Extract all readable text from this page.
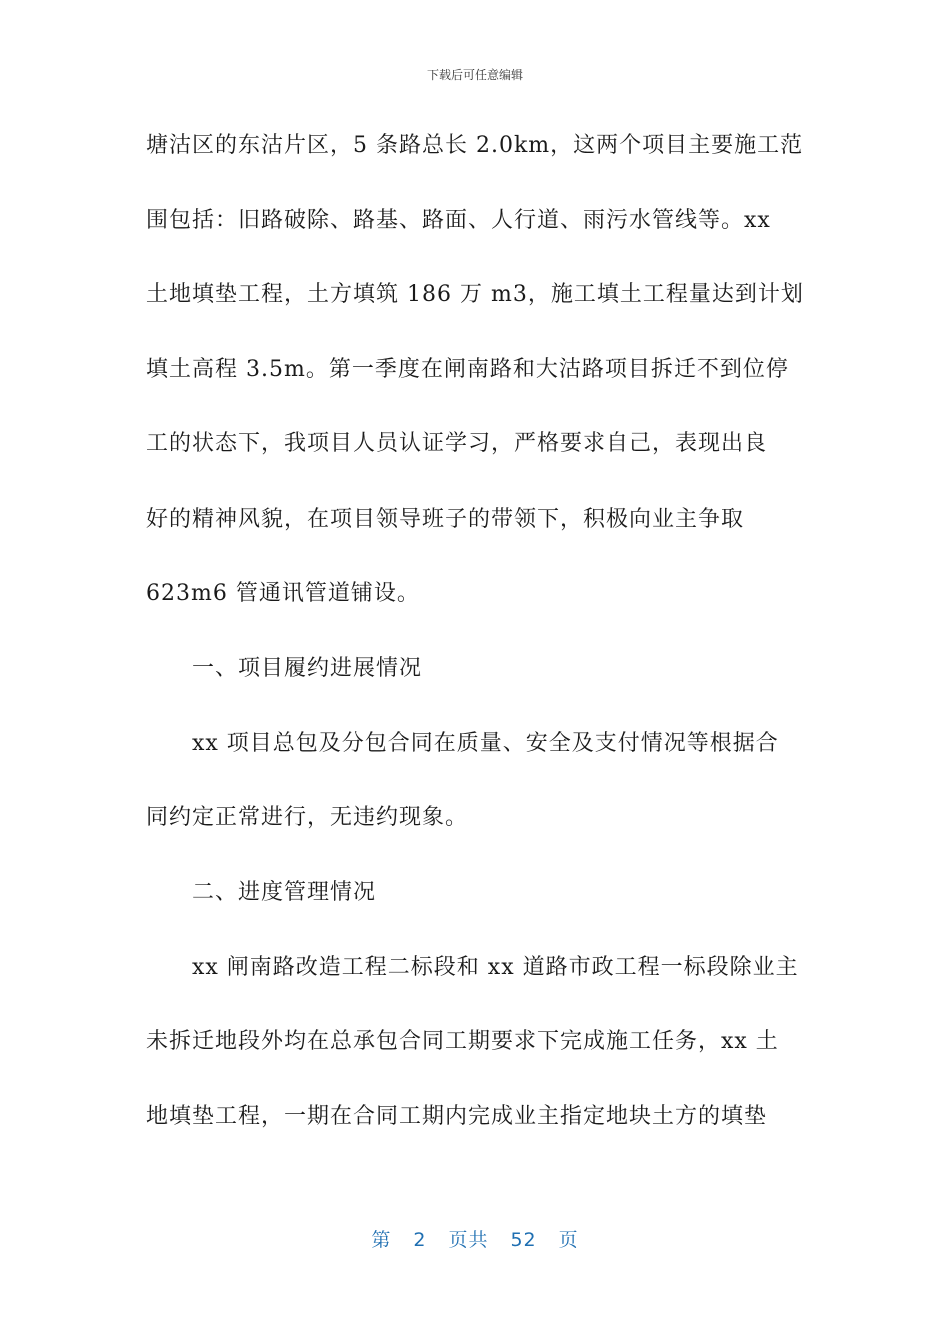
下载后可任意编辑
塘沽区的东沽片区，5 条路总长 2.0km，这两个项目主要施工范
围包括：旧路破除、路基、路面、人行道、雨污水管线等。xx
土地填垫工程，土方填筑 186 万 m3，施工填土工程量达到计划
填土高程 3.5m。第一季度在闸南路和大沽路项目拆迁不到位停
工的状态下，我项目人员认证学习，严格要求自己，表现出良
好的精神风貌，在项目领导班子的带领下，积极向业主争取
623m6 管通讯管道铺设。
一、项目履约进展情况
xx 项目总包及分包合同在质量、安全及支付情况等根据合
同约定正常进行，无违约现象。
二、进度管理情况
xx 闸南路改造工程二标段和 xx 道路市政工程一标段除业主
未拆迁地段外均在总承包合同工期要求下完成施工任务，xx 土
地填垫工程，一期在合同工期内完成业主指定地块土方的填垫
第 2 页共 52 页
